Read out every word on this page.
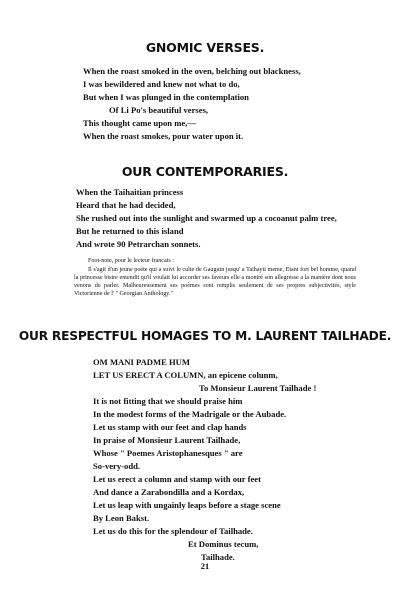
GNOMIC VERSES.
When the roast smoked in the oven, belching out blackness,
I was bewildered and knew not what to do,
But when I was plunged in the contemplation
Of Li Po's beautiful verses,
This thought came upon me,—
When the roast smokes, pour water upon it.
OUR CONTEMPORARIES.
When the Taihaitian princess
Heard that he had decided,
She rushed out into the sunlight and swarmed up a cocoanut palm tree,
But he returned to this island
And wrote 90 Petrarchan sonnets.
Foot-note, pour le lecteur francais :
Il s'agit d'un jeune poète qui a suivi le culte de Gauguin jusqu' a Taihayti meme, Etant fort bel homme, quand la princesse bistre entendit qu'il voulait lui accorder ses faveurs elle a montré son allegresse a la manière dont nous venons de parler. Malheureusement ses poèmes sont remplis seulement de ses propres subjectivités, style Victorienne de l' " Georgian Anthology."
OUR RESPECTFUL HOMAGES TO M. LAURENT TAILHADE.
OM MANI PADME HUM
LET US ERECT A COLUMN, an epicene colunm,
To Monsieur Laurent Tailhade !
It is not fitting that we should praise him
In the modest forms of the Madrigale or the Aubade.
Let us stamp with our feet and clap hands
In praise of Monsieur Laurent Tailhade,
Whose " Poemes Aristophanesques " are
So-very-odd.
Let us erect a column and stamp with our feet
And dance a Zarabondilla and a Kordax,
Let us leap with ungainly leaps before a stage scene
By Leon Bakst.
Let us do this for the splendour of Tailhade.
Et Dominus tecum,
Tailhade.
21
